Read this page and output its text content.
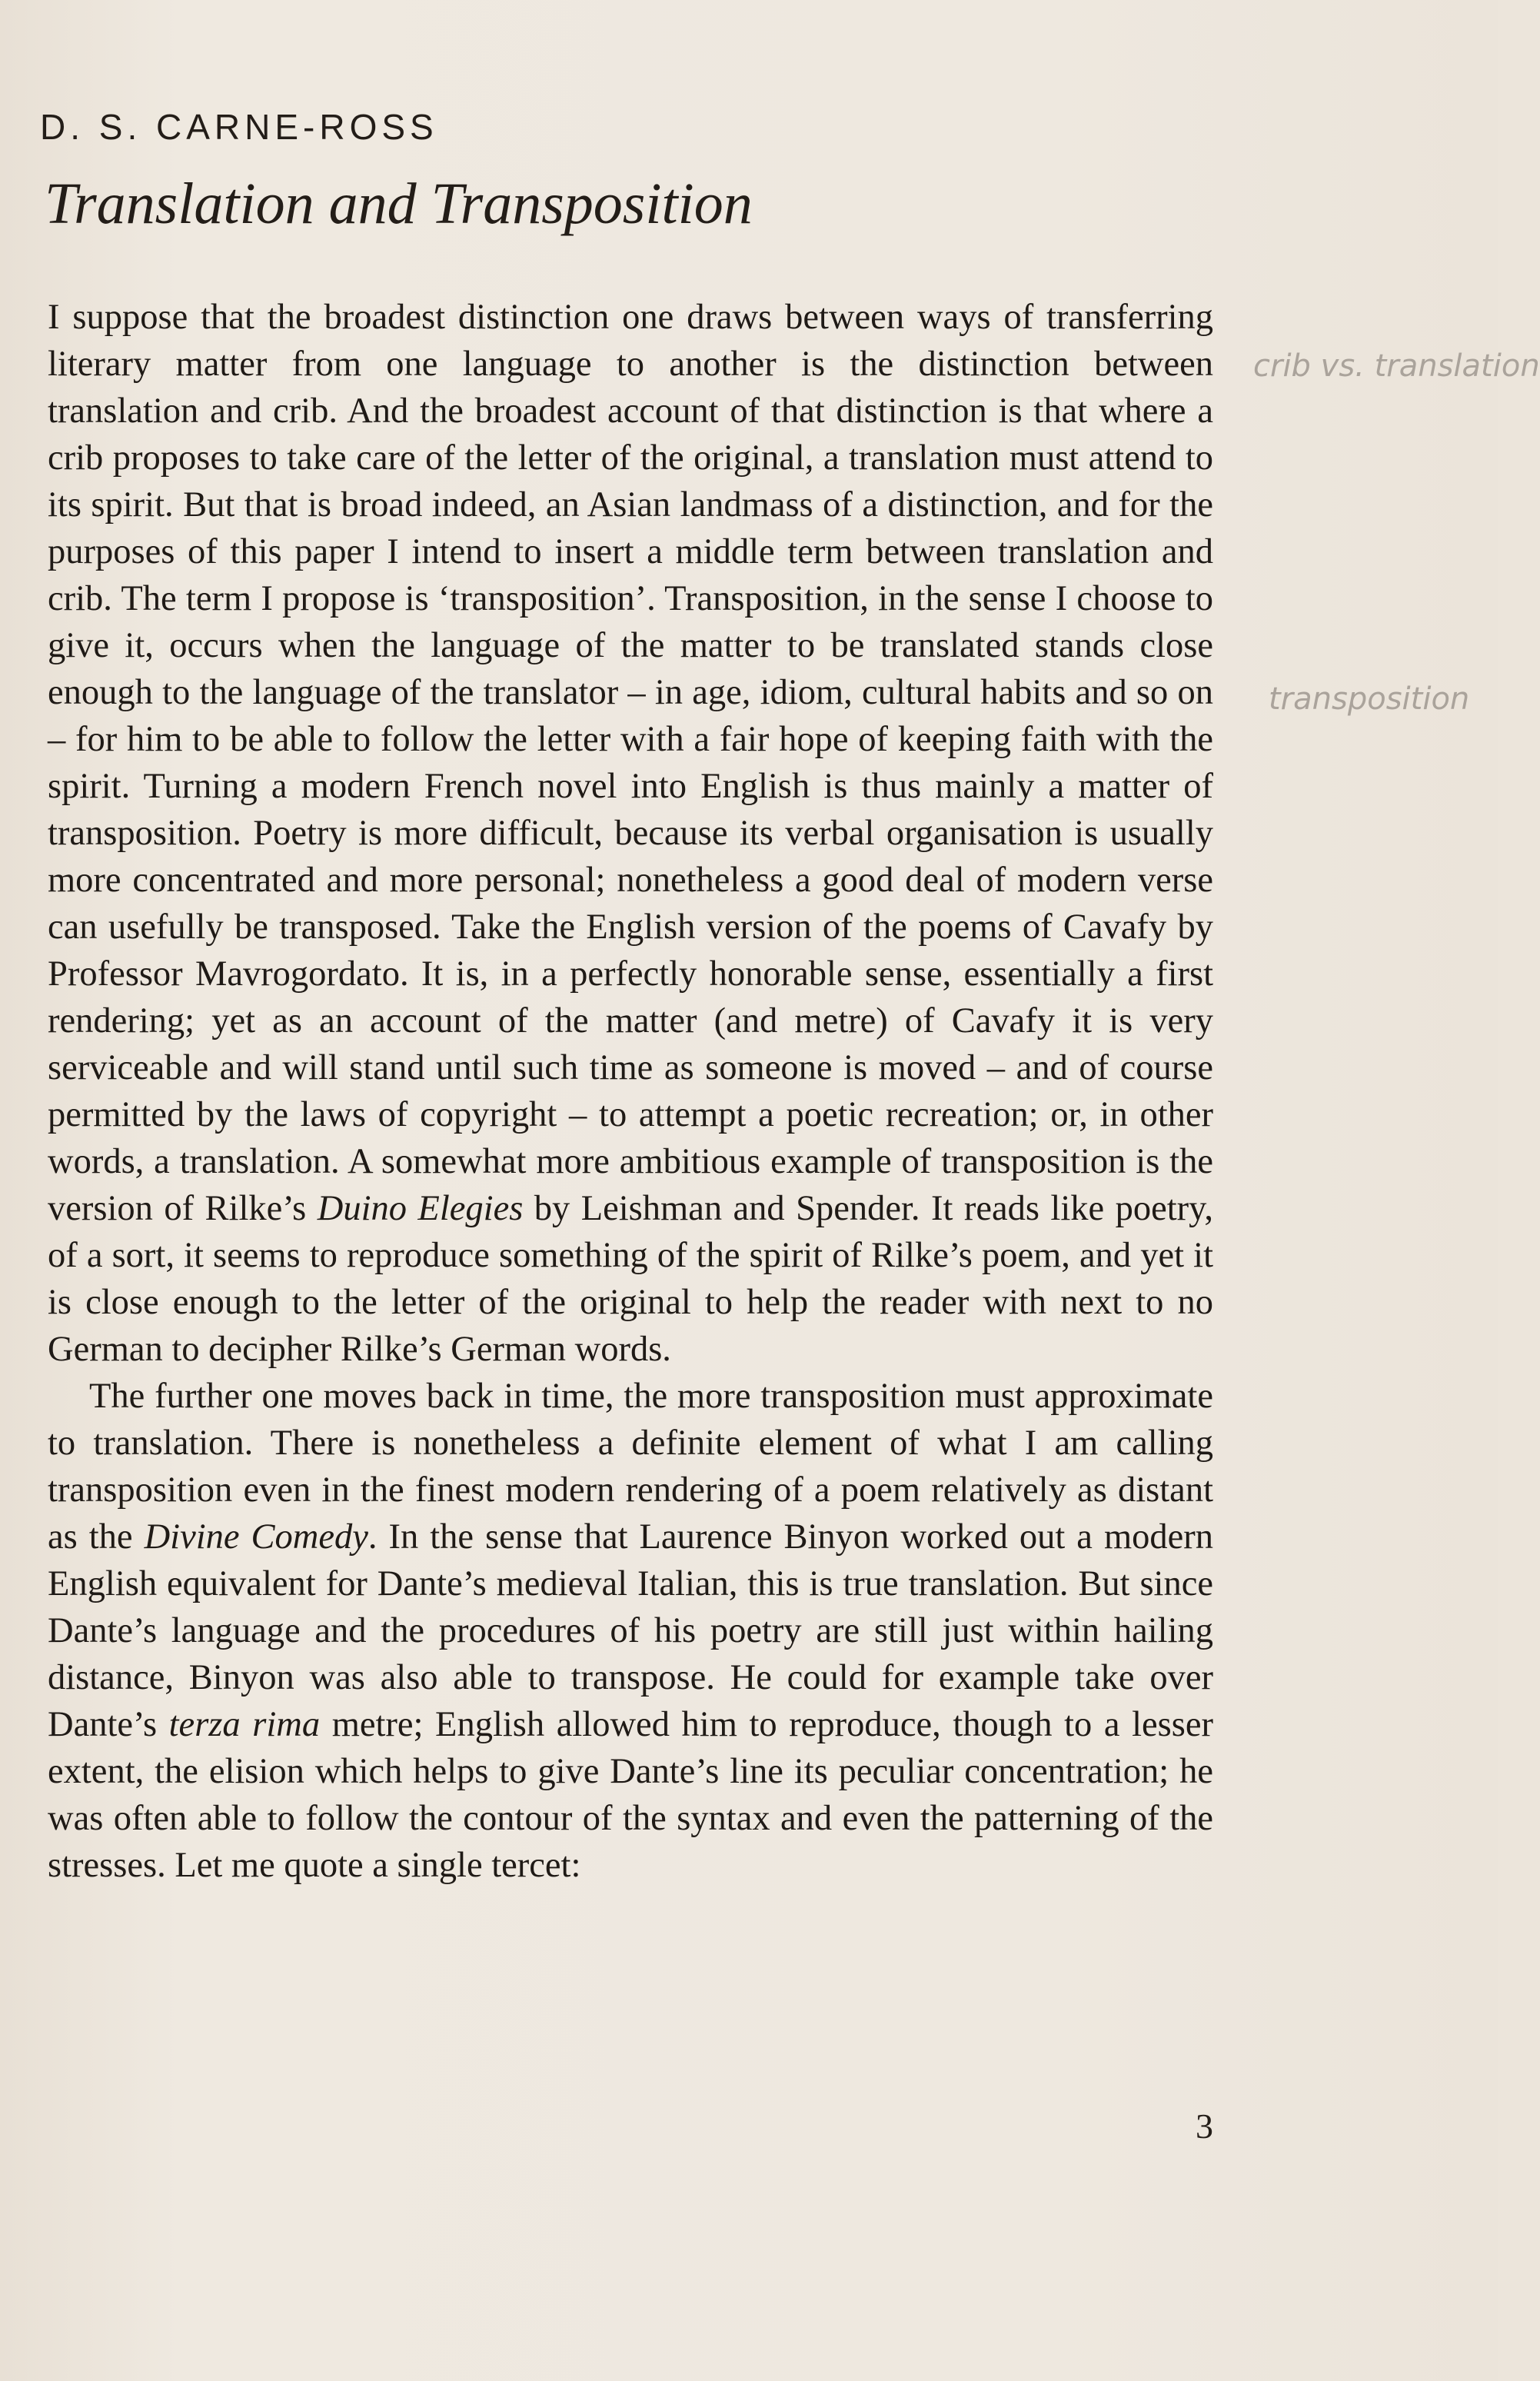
D. S. CARNE-ROSS
Translation and Transposition

I suppose that the broadest distinction one draws between ways of transferring literary matter from one language to another is the distinction between translation and crib. And the broadest account of that distinction is that where a crib proposes to take care of the letter of the original, a translation must attend to its spirit. But that is broad indeed, an Asian landmass of a distinction, and for the purposes of this paper I intend to insert a middle term between translation and crib. The term I propose is ‘transposition’. Transposition, in the sense I choose to give it, occurs when the language of the matter to be translated stands close enough to the language of the translator – in age, idiom, cultural habits and so on – for him to be able to follow the letter with a fair hope of keeping faith with the spirit. Turning a modern French novel into English is thus mainly a matter of transposition. Poetry is more difficult, because its verbal organisation is usually more concentrated and more personal; nonetheless a good deal of modern verse can usefully be transposed. Take the English version of the poems of Cavafy by Professor Mavrogordato. It is, in a perfectly honorable sense, essentially a first rendering; yet as an account of the matter (and metre) of Cavafy it is very serviceable and will stand until such time as someone is moved – and of course permitted by the laws of copyright – to attempt a poetic recreation; or, in other words, a translation. A somewhat more ambitious example of transposition is the version of Rilke’s Duino Elegies by Leishman and Spender. It reads like poetry, of a sort, it seems to reproduce something of the spirit of Rilke’s poem, and yet it is close enough to the letter of the original to help the reader with next to no German to decipher Rilke’s German words.

The further one moves back in time, the more transposition must approximate to translation. There is nonetheless a definite element of what I am calling transposition even in the finest modern rendering of a poem relatively as distant as the Divine Comedy. In the sense that Laurence Binyon worked out a modern English equivalent for Dante’s medieval Italian, this is true translation. But since Dante’s language and the procedures of his poetry are still just within hailing distance, Binyon was also able to transpose. He could for example take over Dante’s terza rima metre; English allowed him to reproduce, though to a lesser extent, the elision which helps to give Dante’s line its peculiar concentration; he was often able to follow the contour of the syntax and even the patterning of the stresses. Let me quote a single tercet:

crib vs. translation
transposition
3
